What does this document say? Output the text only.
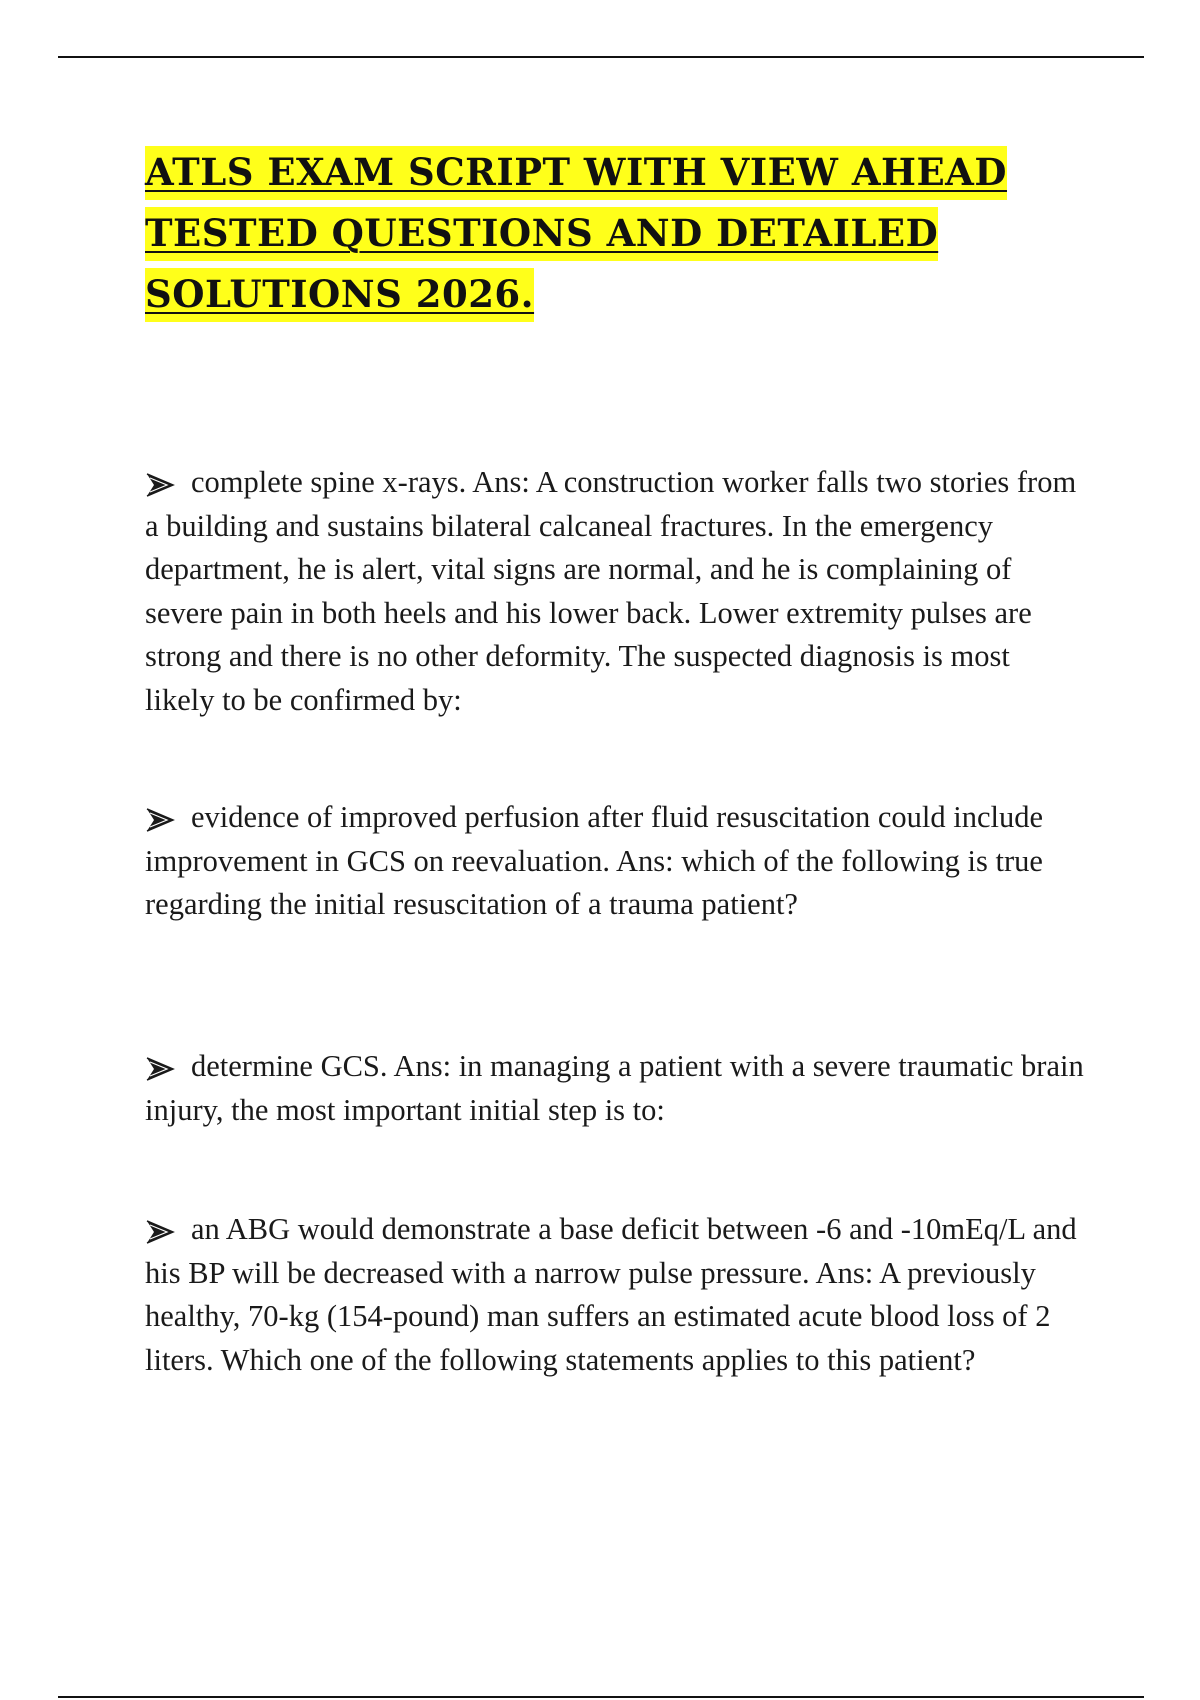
ATLS EXAM SCRIPT WITH VIEW AHEAD TESTED QUESTIONS AND DETAILED SOLUTIONS 2026.

complete spine x-rays. Ans: A construction worker falls two stories from a building and sustains bilateral calcaneal fractures. In the emergency department, he is alert, vital signs are normal, and he is complaining of severe pain in both heels and his lower back. Lower extremity pulses are strong and there is no other deformity. The suspected diagnosis is most likely to be confirmed by:

evidence of improved perfusion after fluid resuscitation could include improvement in GCS on reevaluation. Ans: which of the following is true regarding the initial resuscitation of a trauma patient?

determine GCS. Ans: in managing a patient with a severe traumatic brain injury, the most important initial step is to:

an ABG would demonstrate a base deficit between -6 and -10mEq/L and his BP will be decreased with a narrow pulse pressure. Ans: A previously healthy, 70-kg (154-pound) man suffers an estimated acute blood loss of 2 liters. Which one of the following statements applies to this patient?
